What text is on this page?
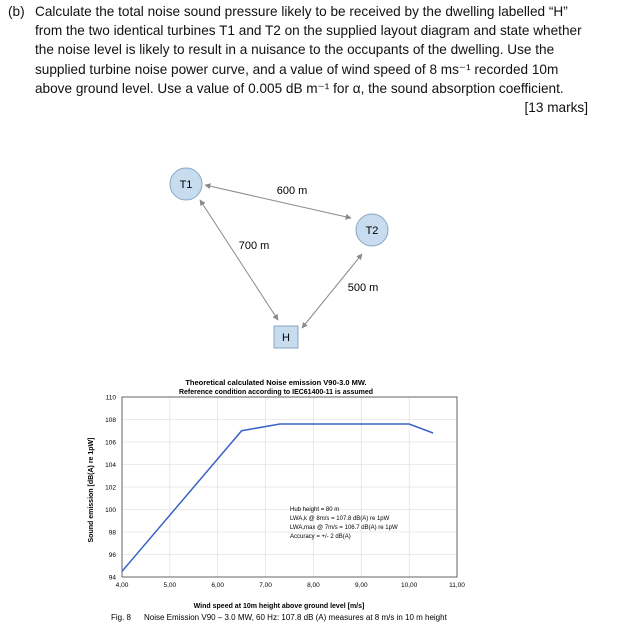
(b) Calculate the total noise sound pressure likely to be received by the dwelling labelled “H”
from the two identical turbines T1 and T2 on the supplied layout diagram and state whether
the noise level is likely to result in a nuisance to the occupants of the dwelling. Use the
supplied turbine noise power curve, and a value of wind speed of 8 ms⁻¹ recorded 10m
above ground level. Use a value of 0.005 dB m⁻¹ for α, the sound absorption coefficient.
[13 marks]
T1
T2
H
600 m
700 m
500 m
Theoretical calculated Noise emission V90-3.0 MW.
Reference condition according to IEC61400-11 is assumed
110
108
106
104
102
100
98
96
94
4,00	5,00	6,00	7,00	8,00	9,00	10,00	11,00
Sound emission [dB(A) re 1pW]
Wind speed at 10m height above ground level [m/s]
Hub height = 80 m
LWA,k @ 8m/s = 107.8 dB(A) re 1pW
LWA,max @ 7m/s = 106.7 dB(A) re 1pW
Accuracy = +/- 2 dB(A)
Fig. 8 Noise Emission V90 – 3.0 MW, 60 Hz: 107.8 dB (A) measures at 8 m/s in 10 m height
